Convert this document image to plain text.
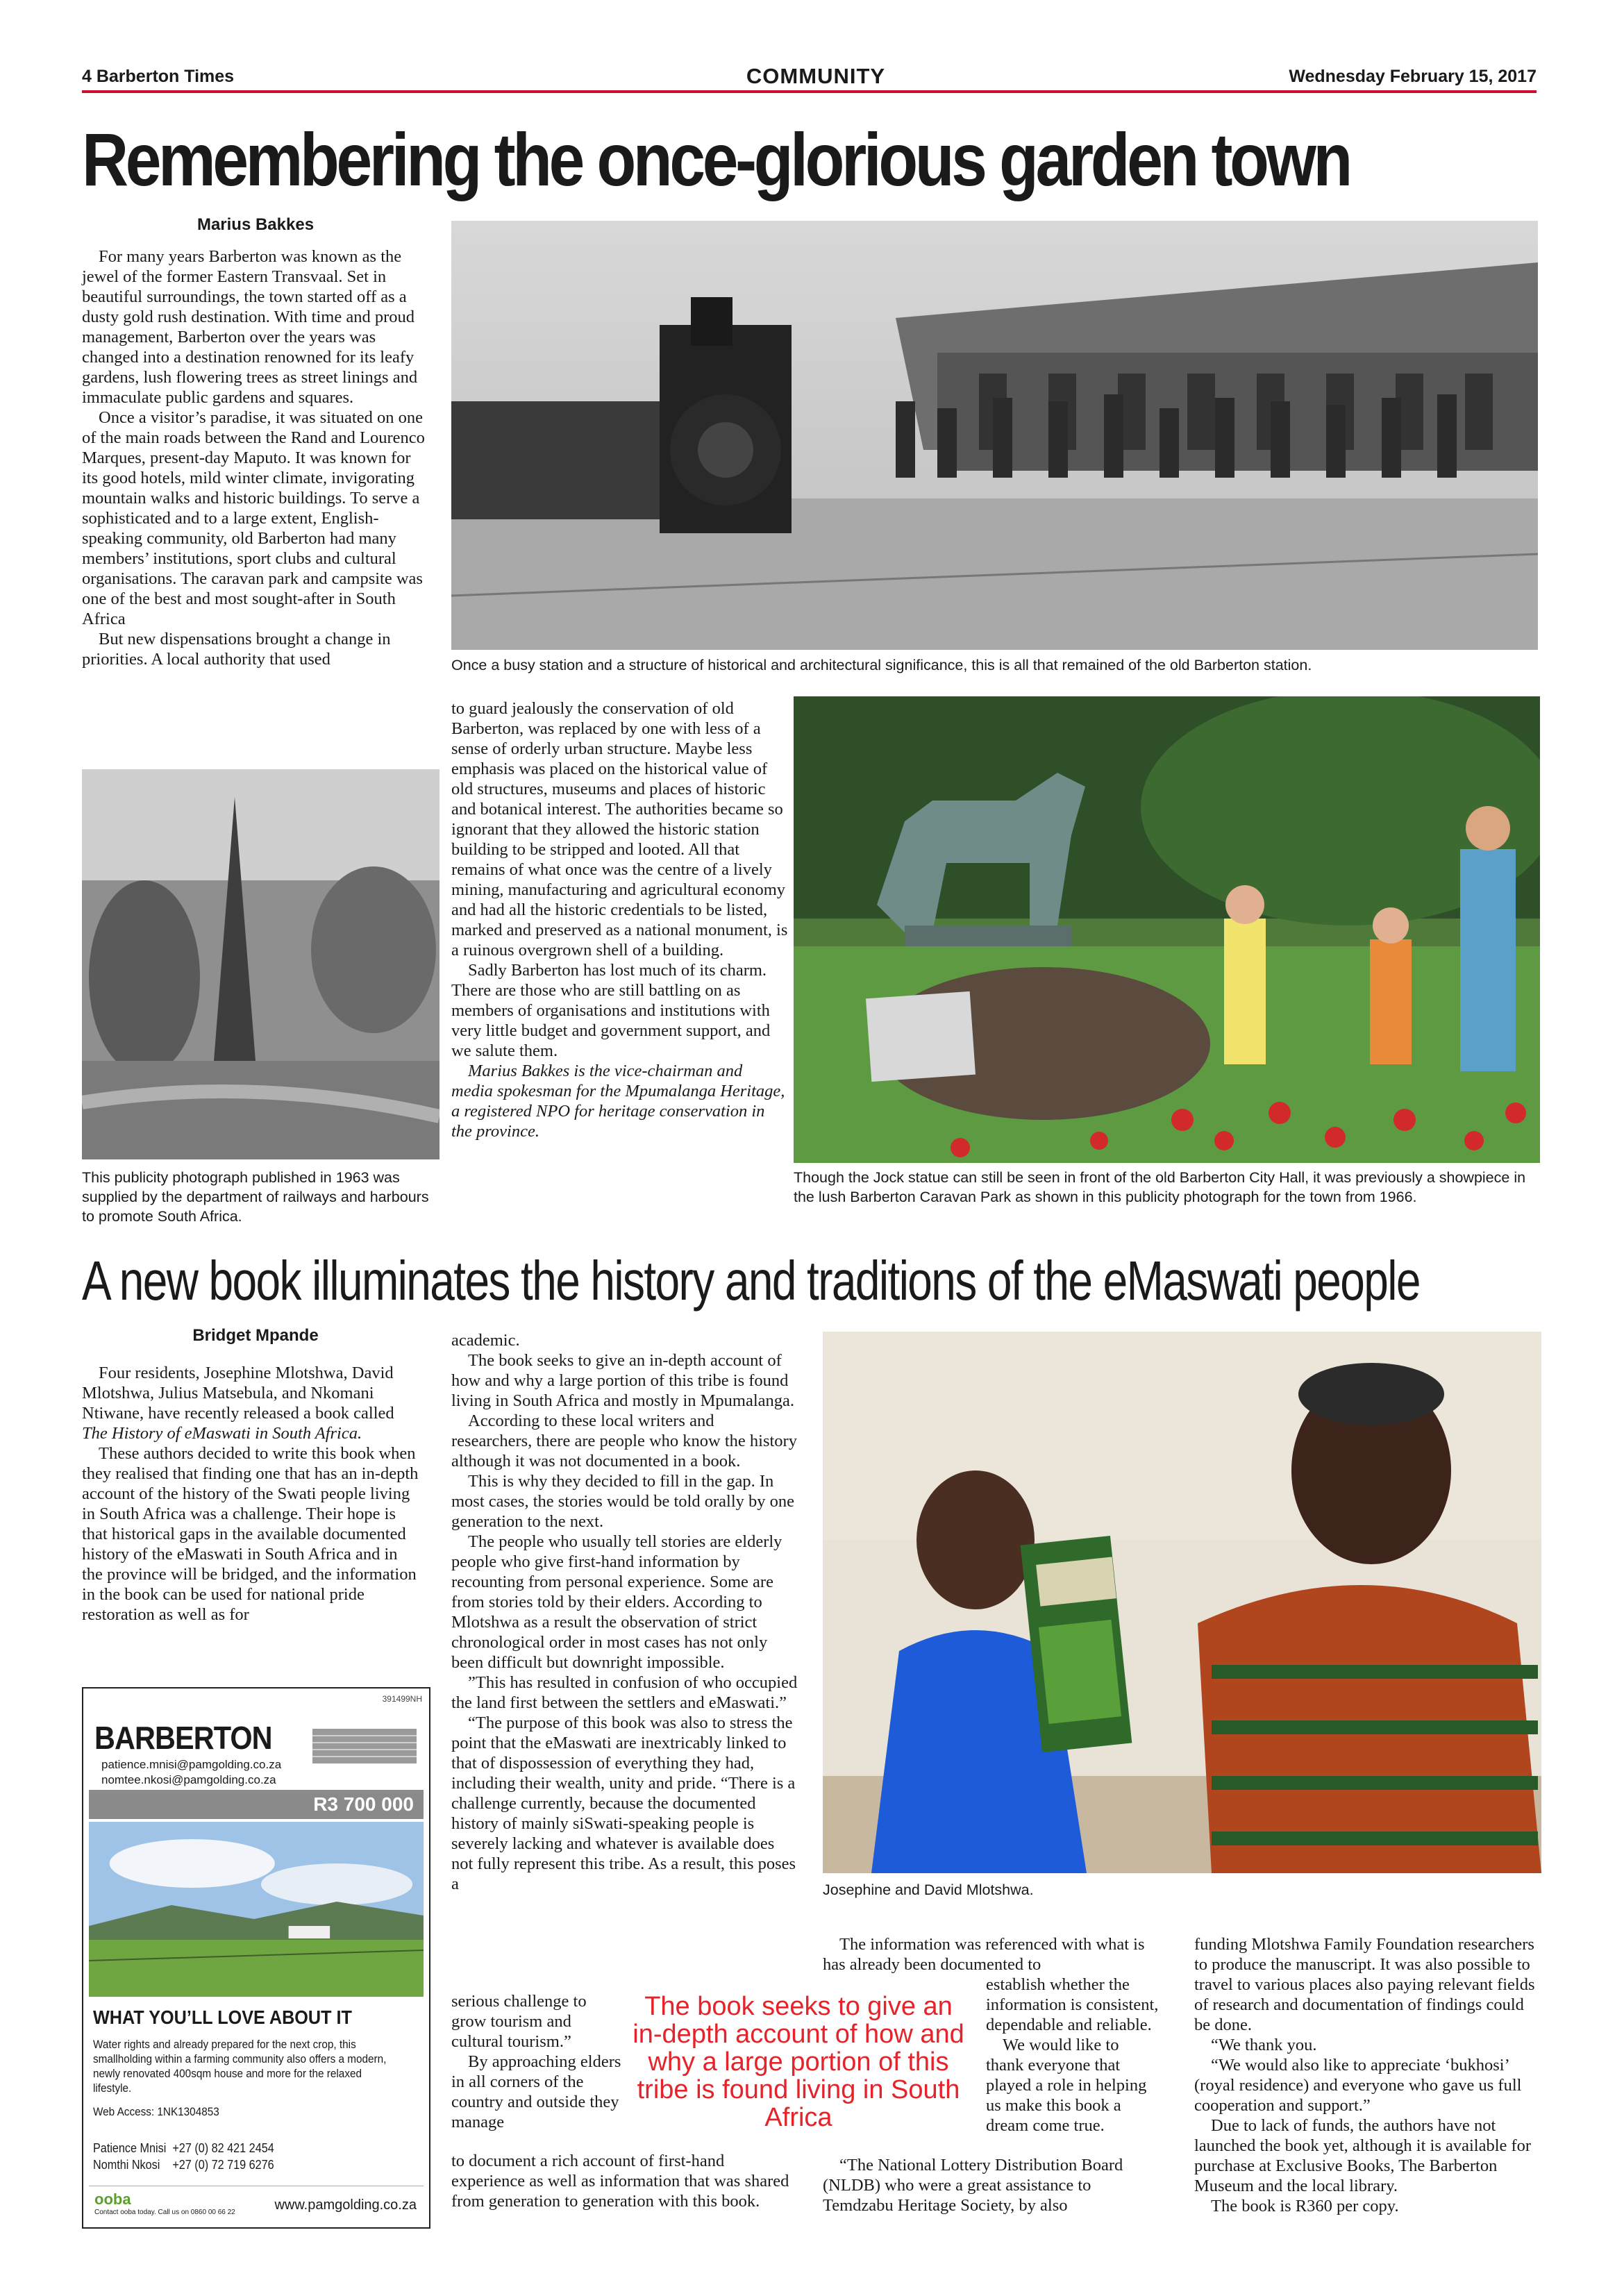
4 Barberton Times	COMMUNITY	Wednesday February 15, 2017
Remembering the once-glorious garden town
Marius Bakkes

For many years Barberton was known as the jewel of the former Eastern Transvaal. Set in beautiful surroundings, the town started off as a dusty gold rush destination. With time and proud management, Barberton over the years was changed into a destination renowned for its leafy gardens, lush flowering trees as street linings and immaculate public gardens and squares.

Once a visitor’s paradise, it was situated on one of the main roads between the Rand and Lourenco Marques, present-day Maputo. It was known for its good hotels, mild winter climate, invigorating mountain walks and historic buildings. To serve a sophisticated and to a large extent, English-speaking community, old Barberton had many members’ institutions, sport clubs and cultural organisations. The caravan park and campsite was one of the best and most sought-after in South Africa

But new dispensations brought a change in priorities. A local authority that used	Once a busy station and a structure of historical and architectural significance, this is all that remained of the old Barberton station.

to guard jealously the conservation of old Barberton, was replaced by one with less of a sense of orderly urban structure. Maybe less emphasis was placed on the historical value of old structures, museums and places of historic and botanical interest. The authorities became so ignorant that they allowed the historic station building to be stripped and looted. All that remains of what once was the centre of a lively mining, manufacturing and agricultural economy and had all the historic credentials to be listed, marked and preserved as a national monument, is a ruinous overgrown shell of a building.

Sadly Barberton has lost much of its charm. There are those who are still battling on as members of organisations and institutions with very little budget and government support, and we salute them.

Marius Bakkes is the vice-chairman and media spokesman for the Mpumalanga Heritage, a registered NPO for heritage conservation in the province.

This publicity photograph published in 1963 was supplied by the department of railways and harbours to promote South Africa.
Though the Jock statue can still be seen in front of the old Barberton City Hall, it was previously a showpiece in the lush Barberton Caravan Park as shown in this publicity photograph for the town from 1966.
A new book illuminates the history and traditions of the eMaswati people
Bridget Mpande

Four residents, Josephine Mlotshwa, David Mlotshwa, Julius Matsebula, and Nkomani Ntiwane, have recently released a book called The History of eMaswati in South Africa.

These authors decided to write this book when they realised that finding one that has an in-depth account of the history of the Swati people living in South Africa was a challenge. Their hope is that historical gaps in the available documented history of the eMaswati in South Africa and in the province will be bridged, and the information in the book can be used for national pride restoration as well as for

academic.

The book seeks to give an in-depth account of how and why a large portion of this tribe is found living in South Africa and mostly in Mpumalanga.

According to these local writers and researchers, there are people who know the history although it was not documented in a book.

This is why they decided to fill in the gap. In most cases, the stories would be told orally by one generation to the next.

The people who usually tell stories are elderly people who give first-hand information by recounting from personal experience. Some are from stories told by their elders. According to Mlotshwa as a result the observation of strict chronological order in most cases has not only been difficult but downright impossible.

”This has resulted in confusion of who occupied the land first between the settlers and eMaswati.”

“The purpose of this book was also to stress the point that the eMaswati are inextricably linked to that of dispossession of everything they had, including their wealth, unity and pride. “There is a challenge currently, because the documented history of mainly siSwati-speaking people is severely lacking and whatever is available does not fully represent this tribe. As a result, this poses a

serious challenge to grow tourism and cultural tourism.”

By approaching elders in all corners of the country and outside they manage

to document a rich account of first-hand experience as well as information that was shared from generation to generation with this book.

The book seeks to give an in-depth account of how and why a large portion of this tribe is found living in South Africa
Josephine and David Mlotshwa.

The information was referenced with what is has already been documented to

establish whether the information is consistent, dependable and reliable.

We would like to thank everyone that played a role in helping us make this book a dream come true.

“The National Lottery Distribution Board (NLDB) who were a great assistance to Temdzabu Heritage Society, by also

funding Mlotshwa Family Foundation researchers to produce the manuscript. It was also possible to travel to various places also paying relevant fields of research and documentation of findings could be done.

“We thank you.

“We would also like to appreciate ‘bukhosi’ (royal residence) and everyone who gave us full cooperation and support.”

Due to lack of funds, the authors have not launched the book yet, although it is available for purchase at Exclusive Books, The Barberton Museum and the local library.

The book is R360 per copy.

391499NH
BARBERTON
patience.mnisi@pamgolding.co.za
nomtee.nkosi@pamgolding.co.za
R3 700 000
WHAT YOU’LL LOVE ABOUT IT
Water rights and already prepared for the next crop, this smallholding within a farming community also offers a modern, newly renovated 400sqm house and more for the relaxed lifestyle.
Web Access: 1NK1304853
Patience Mnisi  +27 (0) 82 421 2454
Nomthi Nkosi    +27 (0) 72 719 6276
ooba
Contact ooba today. Call us on 0860 00 66 22	www.pamgolding.co.za
